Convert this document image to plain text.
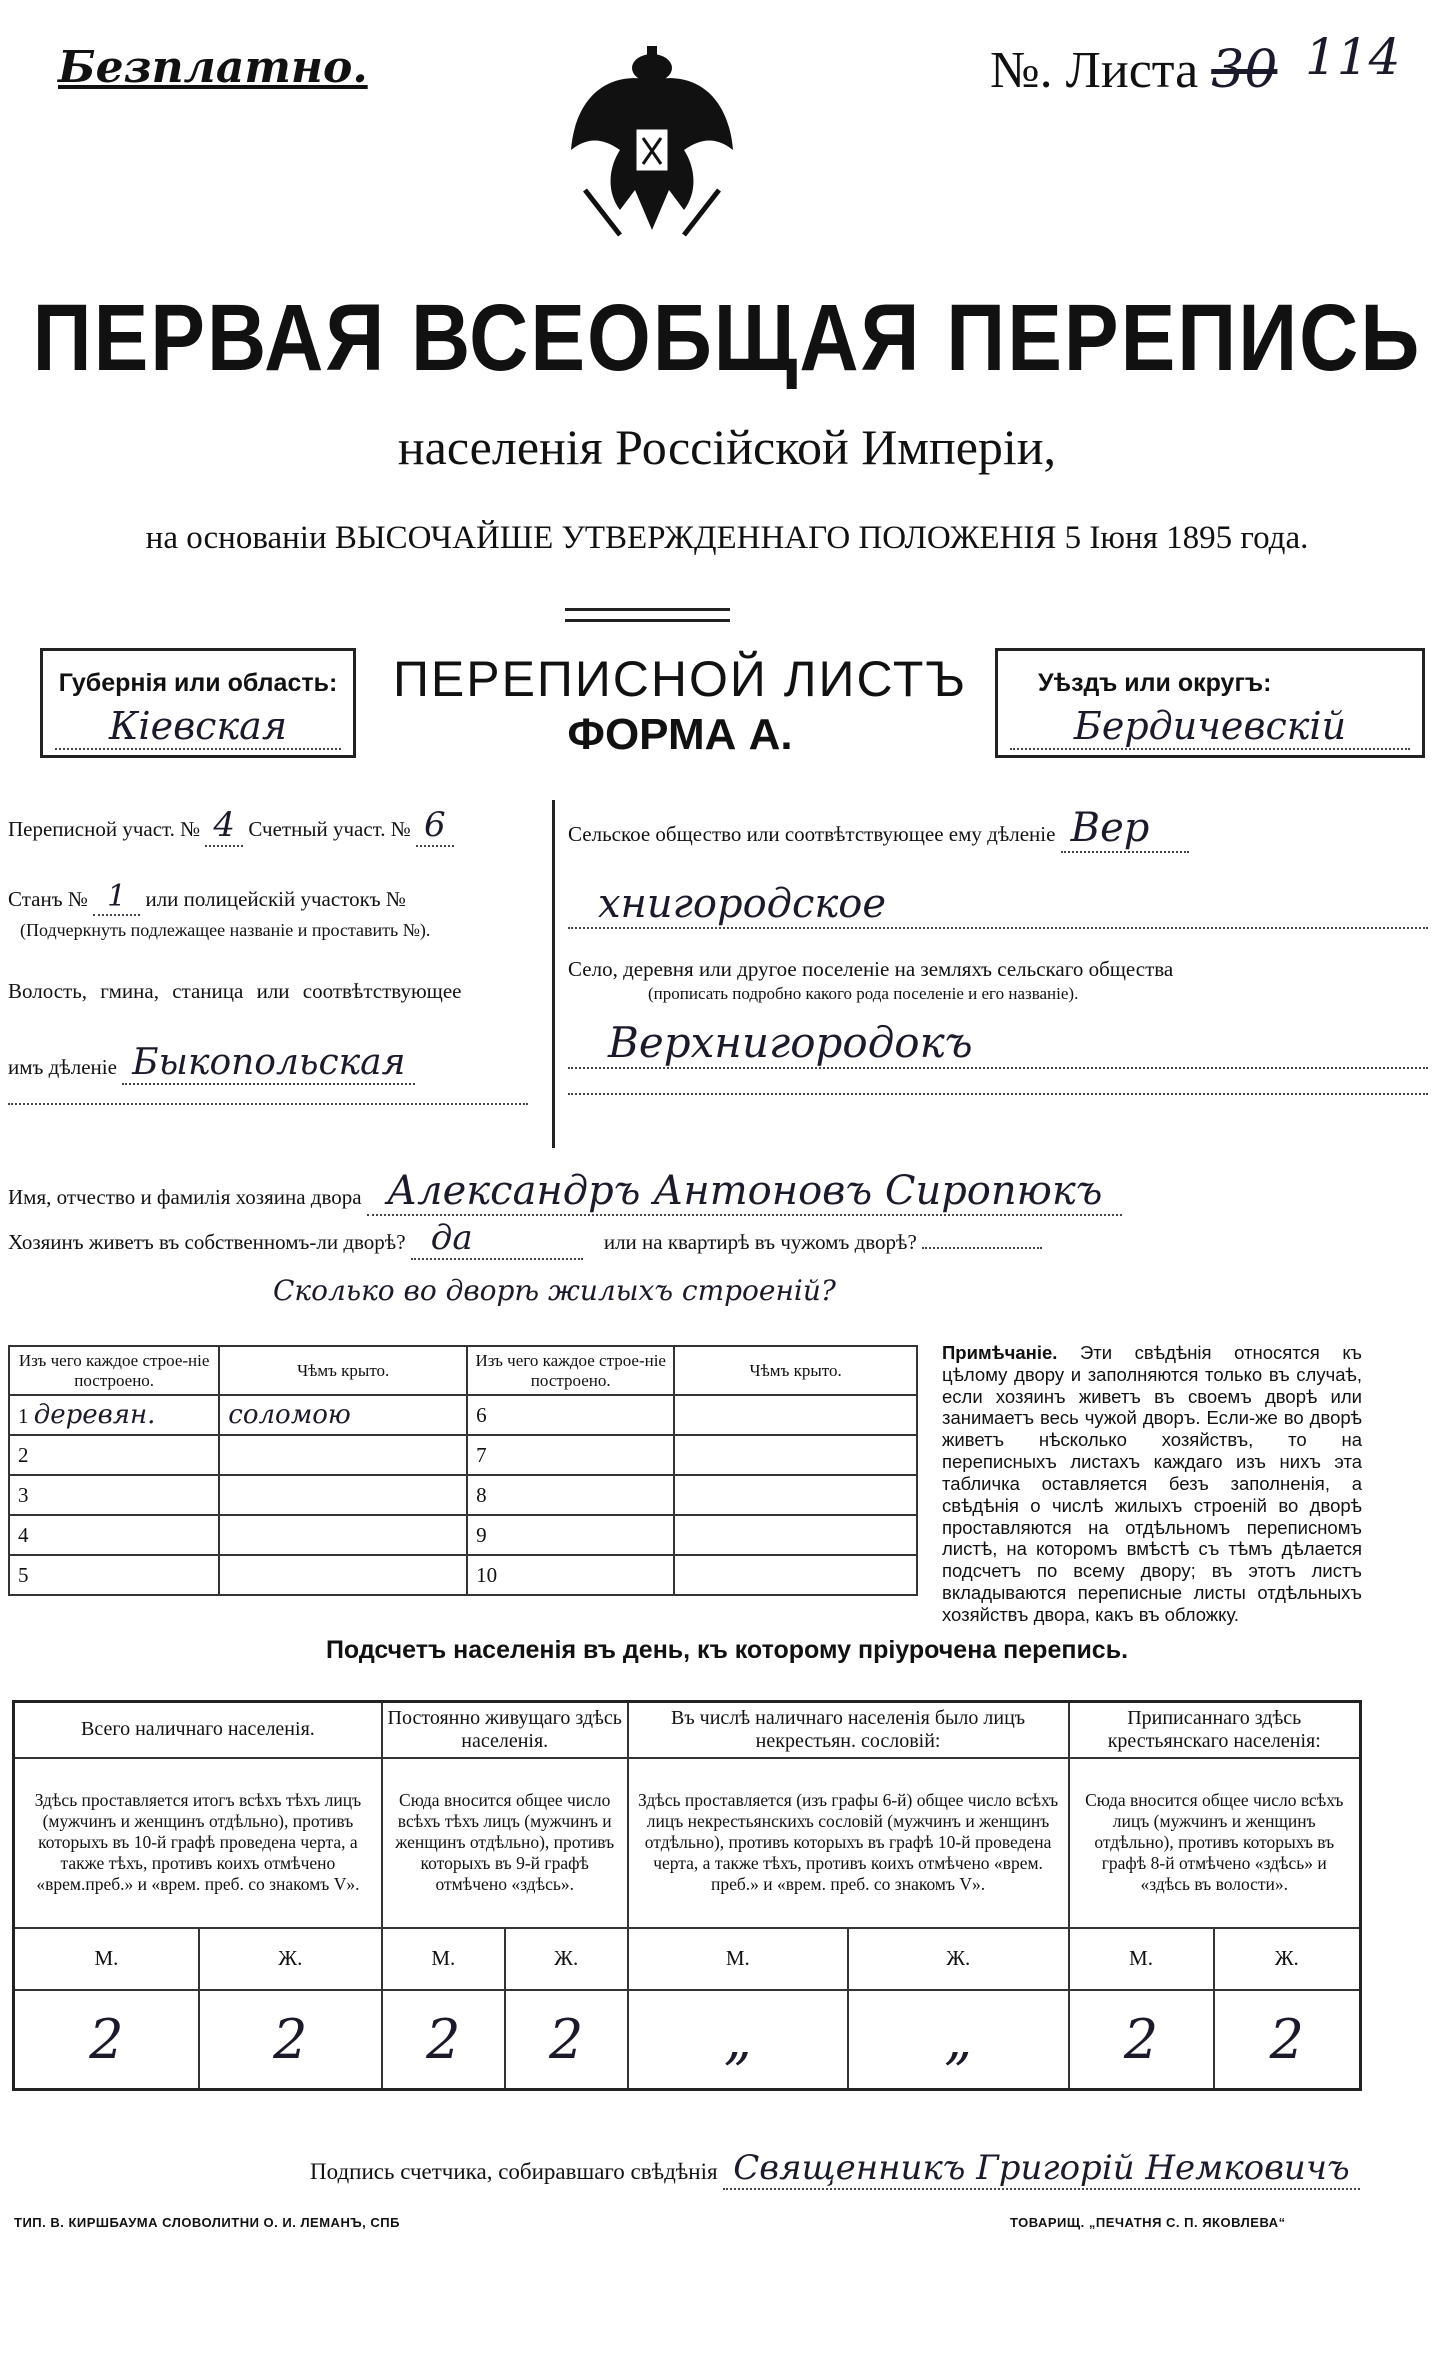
Безплатно.	№. Листа 30 114
ПЕРВАЯ ВСЕОБЩАЯ ПЕРЕПИСЬ
населенія Россійской Имперіи,
на основаніи ВЫСОЧАЙШЕ УТВЕРЖДЕННАГО ПОЛОЖЕНІЯ 5 Іюня 1895 года.
Губернія или область:
Кіевская
ПЕРЕПИСНОЙ ЛИСТЪ
ФОРМА А.
Уѣздъ или округъ:
Бердичевскій
Переписной участ. № 4 Счетный участ. № 6
Станъ № 1 или полицейскій участокъ №
(Подчеркнуть подлежащее названіе и проставить №).
Волость, гмина, станица или соотвѣтствующее
имъ дѣленіе Быкопольская
Сельское общество или соотвѣтствующее ему дѣленіе Вер
хнигородское
Село, деревня или другое поселеніе на земляхъ сельскаго общества
(прописать подробно какого рода поселеніе и его названіе).
Верхнигородокъ
Имя, отчество и фамилія хозяина двора Александръ Антоновъ Сиропюкъ
Хозяинъ живетъ въ собственномъ-ли дворѣ? да	или на квартирѣ въ чужомъ дворѣ?
Сколько во дворѣ жилыхъ строеній?
Изъ чего каждое строе-ніе построено.	Чѣмъ крыто.	Изъ чего каждое строе-ніе построено.	Чѣмъ крыто.
1 деревян.	соломою	6	
2		7	
3		8	
4		9	
5		10	
Примѣчаніе. Эти свѣдѣнія относятся къ цѣлому двору и заполняются только въ случаѣ, если хозяинъ живетъ въ своемъ дворѣ или занимаетъ весь чужой дворъ. Если-же во дворѣ живетъ нѣсколько хозяйствъ, то на переписныхъ листахъ каждаго изъ нихъ эта табличка оставляется безъ заполненія, а свѣдѣнія о числѣ жилыхъ строеній во дворѣ проставляются на отдѣльномъ переписномъ листѣ, на которомъ вмѣстѣ съ тѣмъ дѣлается подсчетъ по всему двору; въ этотъ листъ вкладываются переписные листы отдѣльныхъ хозяйствъ двора, какъ въ обложку.
Подсчетъ населенія въ день, къ которому пріурочена перепись.
Всего наличнаго населенія.		Постоянно живущаго здѣсь населенія.		Въ числѣ наличнаго населенія было лицъ некрестьян. сословій:		Приписаннаго здѣсь крестьянскаго населенія:	
Здѣсь проставляется итогъ всѣхъ тѣхъ лицъ (мужчинъ и женщинъ отдѣльно), противъ которыхъ въ 10-й графѣ проведена черта, а также тѣхъ, противъ коихъ отмѣчено «врем.преб.» и «врем. преб. со знакомъ V».		Сюда вносится общее число всѣхъ тѣхъ лицъ (мужчинъ и женщинъ отдѣльно), противъ которыхъ въ 9-й графѣ отмѣчено «здѣсь».		Здѣсь проставляется (изъ графы 6-й) общее число всѣхъ лицъ некрестьянскихъ сословій (мужчинъ и женщинъ отдѣльно), противъ которыхъ въ графѣ 10-й проведена черта, а также тѣхъ, противъ коихъ отмѣчено «врем. преб.» и «врем. преб. со знакомъ V».		Сюда вносится общее число всѣхъ лицъ (мужчинъ и женщинъ отдѣльно), противъ которыхъ въ графѣ 8-й отмѣчено «здѣсь» и «здѣсь въ волости».	
М.	Ж.	М.	Ж.	М.	Ж.	М.	Ж.
2	2	2	2	„	„	2	2
Подпись счетчика, собиравшаго свѣдѣнія Священникъ Григорій Немковичъ
ТИП. В. КИРШБАУМА СЛОВОЛИТНИ О. И. ЛЕМАНЪ, СПБ	ТОВАРИЩ. „ПЕЧАТНЯ С. П. ЯКОВЛЕВА“
